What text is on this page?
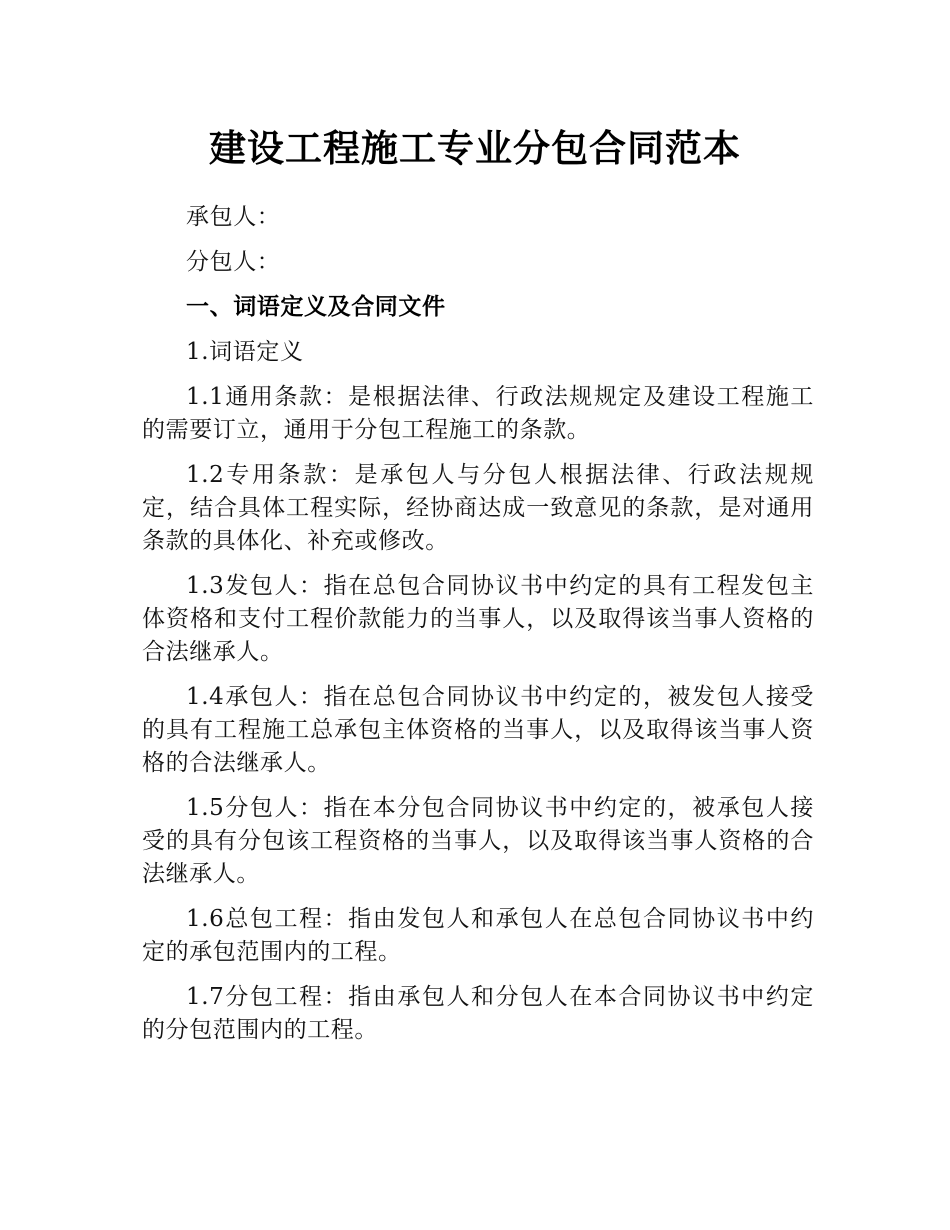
建设工程施工专业分包合同范本

承包人：

分包人：

一、词语定义及合同文件

1.词语定义

1.1通用条款：是根据法律、行政法规规定及建设工程施工的需要订立，通用于分包工程施工的条款。

1.2专用条款：是承包人与分包人根据法律、行政法规规定，结合具体工程实际，经协商达成一致意见的条款，是对通用条款的具体化、补充或修改。

1.3发包人：指在总包合同协议书中约定的具有工程发包主体资格和支付工程价款能力的当事人，以及取得该当事人资格的合法继承人。

1.4承包人：指在总包合同协议书中约定的，被发包人接受的具有工程施工总承包主体资格的当事人，以及取得该当事人资格的合法继承人。

1.5分包人：指在本分包合同协议书中约定的，被承包人接受的具有分包该工程资格的当事人，以及取得该当事人资格的合法继承人。

1.6总包工程：指由发包人和承包人在总包合同协议书中约定的承包范围内的工程。

1.7分包工程：指由承包人和分包人在本合同协议书中约定的分包范围内的工程。
